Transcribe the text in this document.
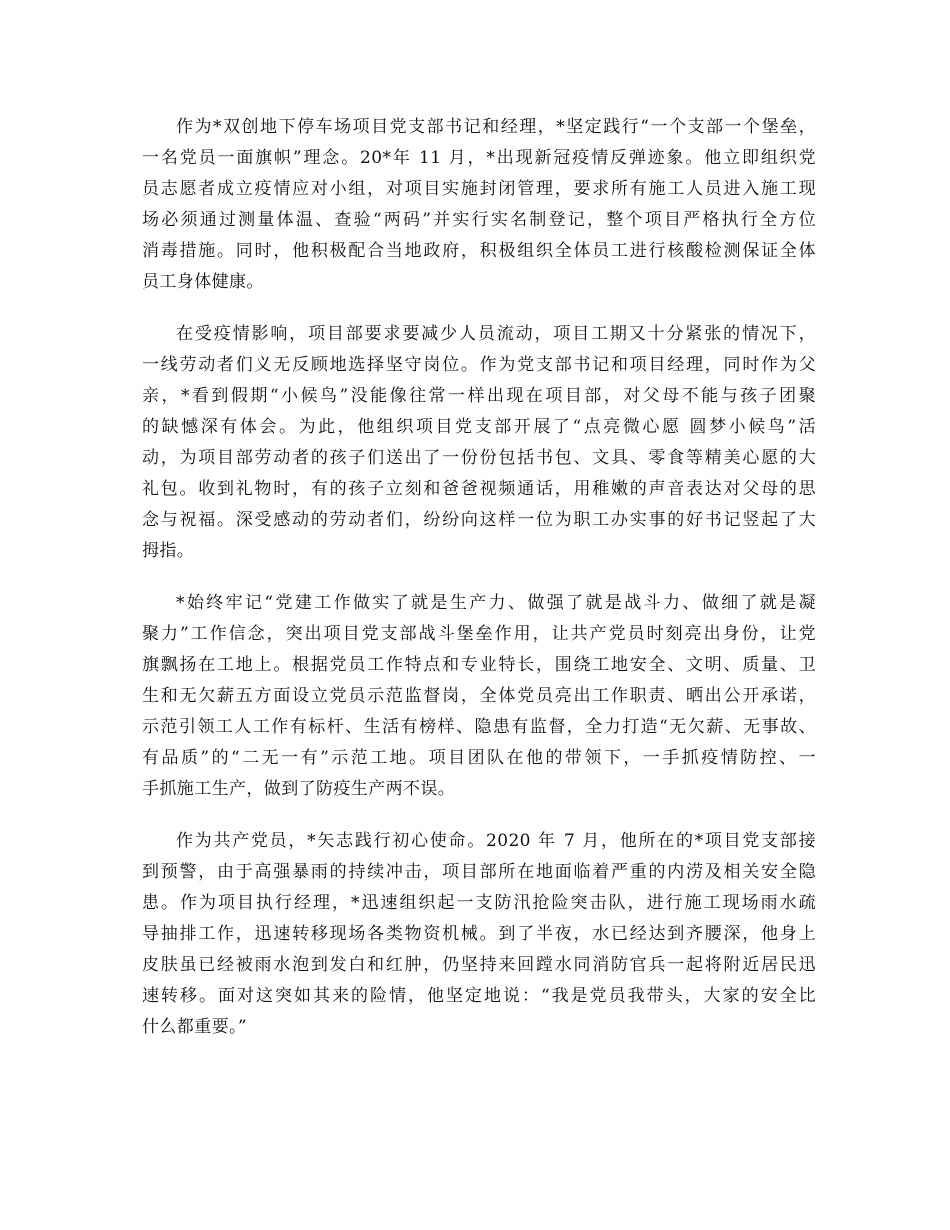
作为*双创地下停车场项目党支部书记和经理，*坚定践行“一个支部一个堡垒，
一名党员一面旗帜”理念。20*年 11 月，*出现新冠疫情反弹迹象。他立即组织党
员志愿者成立疫情应对小组，对项目实施封闭管理，要求所有施工人员进入施工现
场必须通过测量体温、查验“两码”并实行实名制登记，整个项目严格执行全方位
消毒措施。同时，他积极配合当地政府，积极组织全体员工进行核酸检测保证全体
员工身体健康。
在受疫情影响，项目部要求要减少人员流动，项目工期又十分紧张的情况下，
一线劳动者们义无反顾地选择坚守岗位。作为党支部书记和项目经理，同时作为父
亲，*看到假期“小候鸟”没能像往常一样出现在项目部，对父母不能与孩子团聚
的缺憾深有体会。为此，他组织项目党支部开展了“点亮微心愿 圆梦小候鸟”活
动，为项目部劳动者的孩子们送出了一份份包括书包、文具、零食等精美心愿的大
礼包。收到礼物时，有的孩子立刻和爸爸视频通话，用稚嫩的声音表达对父母的思
念与祝福。深受感动的劳动者们，纷纷向这样一位为职工办实事的好书记竖起了大
拇指。
*始终牢记“党建工作做实了就是生产力、做强了就是战斗力、做细了就是凝
聚力”工作信念，突出项目党支部战斗堡垒作用，让共产党员时刻亮出身份，让党
旗飘扬在工地上。根据党员工作特点和专业特长，围绕工地安全、文明、质量、卫
生和无欠薪五方面设立党员示范监督岗，全体党员亮出工作职责、晒出公开承诺，
示范引领工人工作有标杆、生活有榜样、隐患有监督，全力打造“无欠薪、无事故、
有品质”的“二无一有”示范工地。项目团队在他的带领下，一手抓疫情防控、一
手抓施工生产，做到了防疫生产两不误。
作为共产党员，*矢志践行初心使命。2020 年 7 月，他所在的*项目党支部接
到预警，由于高强暴雨的持续冲击，项目部所在地面临着严重的内涝及相关安全隐
患。作为项目执行经理，*迅速组织起一支防汛抢险突击队，进行施工现场雨水疏
导抽排工作，迅速转移现场各类物资机械。到了半夜，水已经达到齐腰深，他身上
皮肤虽已经被雨水泡到发白和红肿，仍坚持来回蹚水同消防官兵一起将附近居民迅
速转移。面对这突如其来的险情，他坚定地说：“我是党员我带头，大家的安全比
什么都重要。”
